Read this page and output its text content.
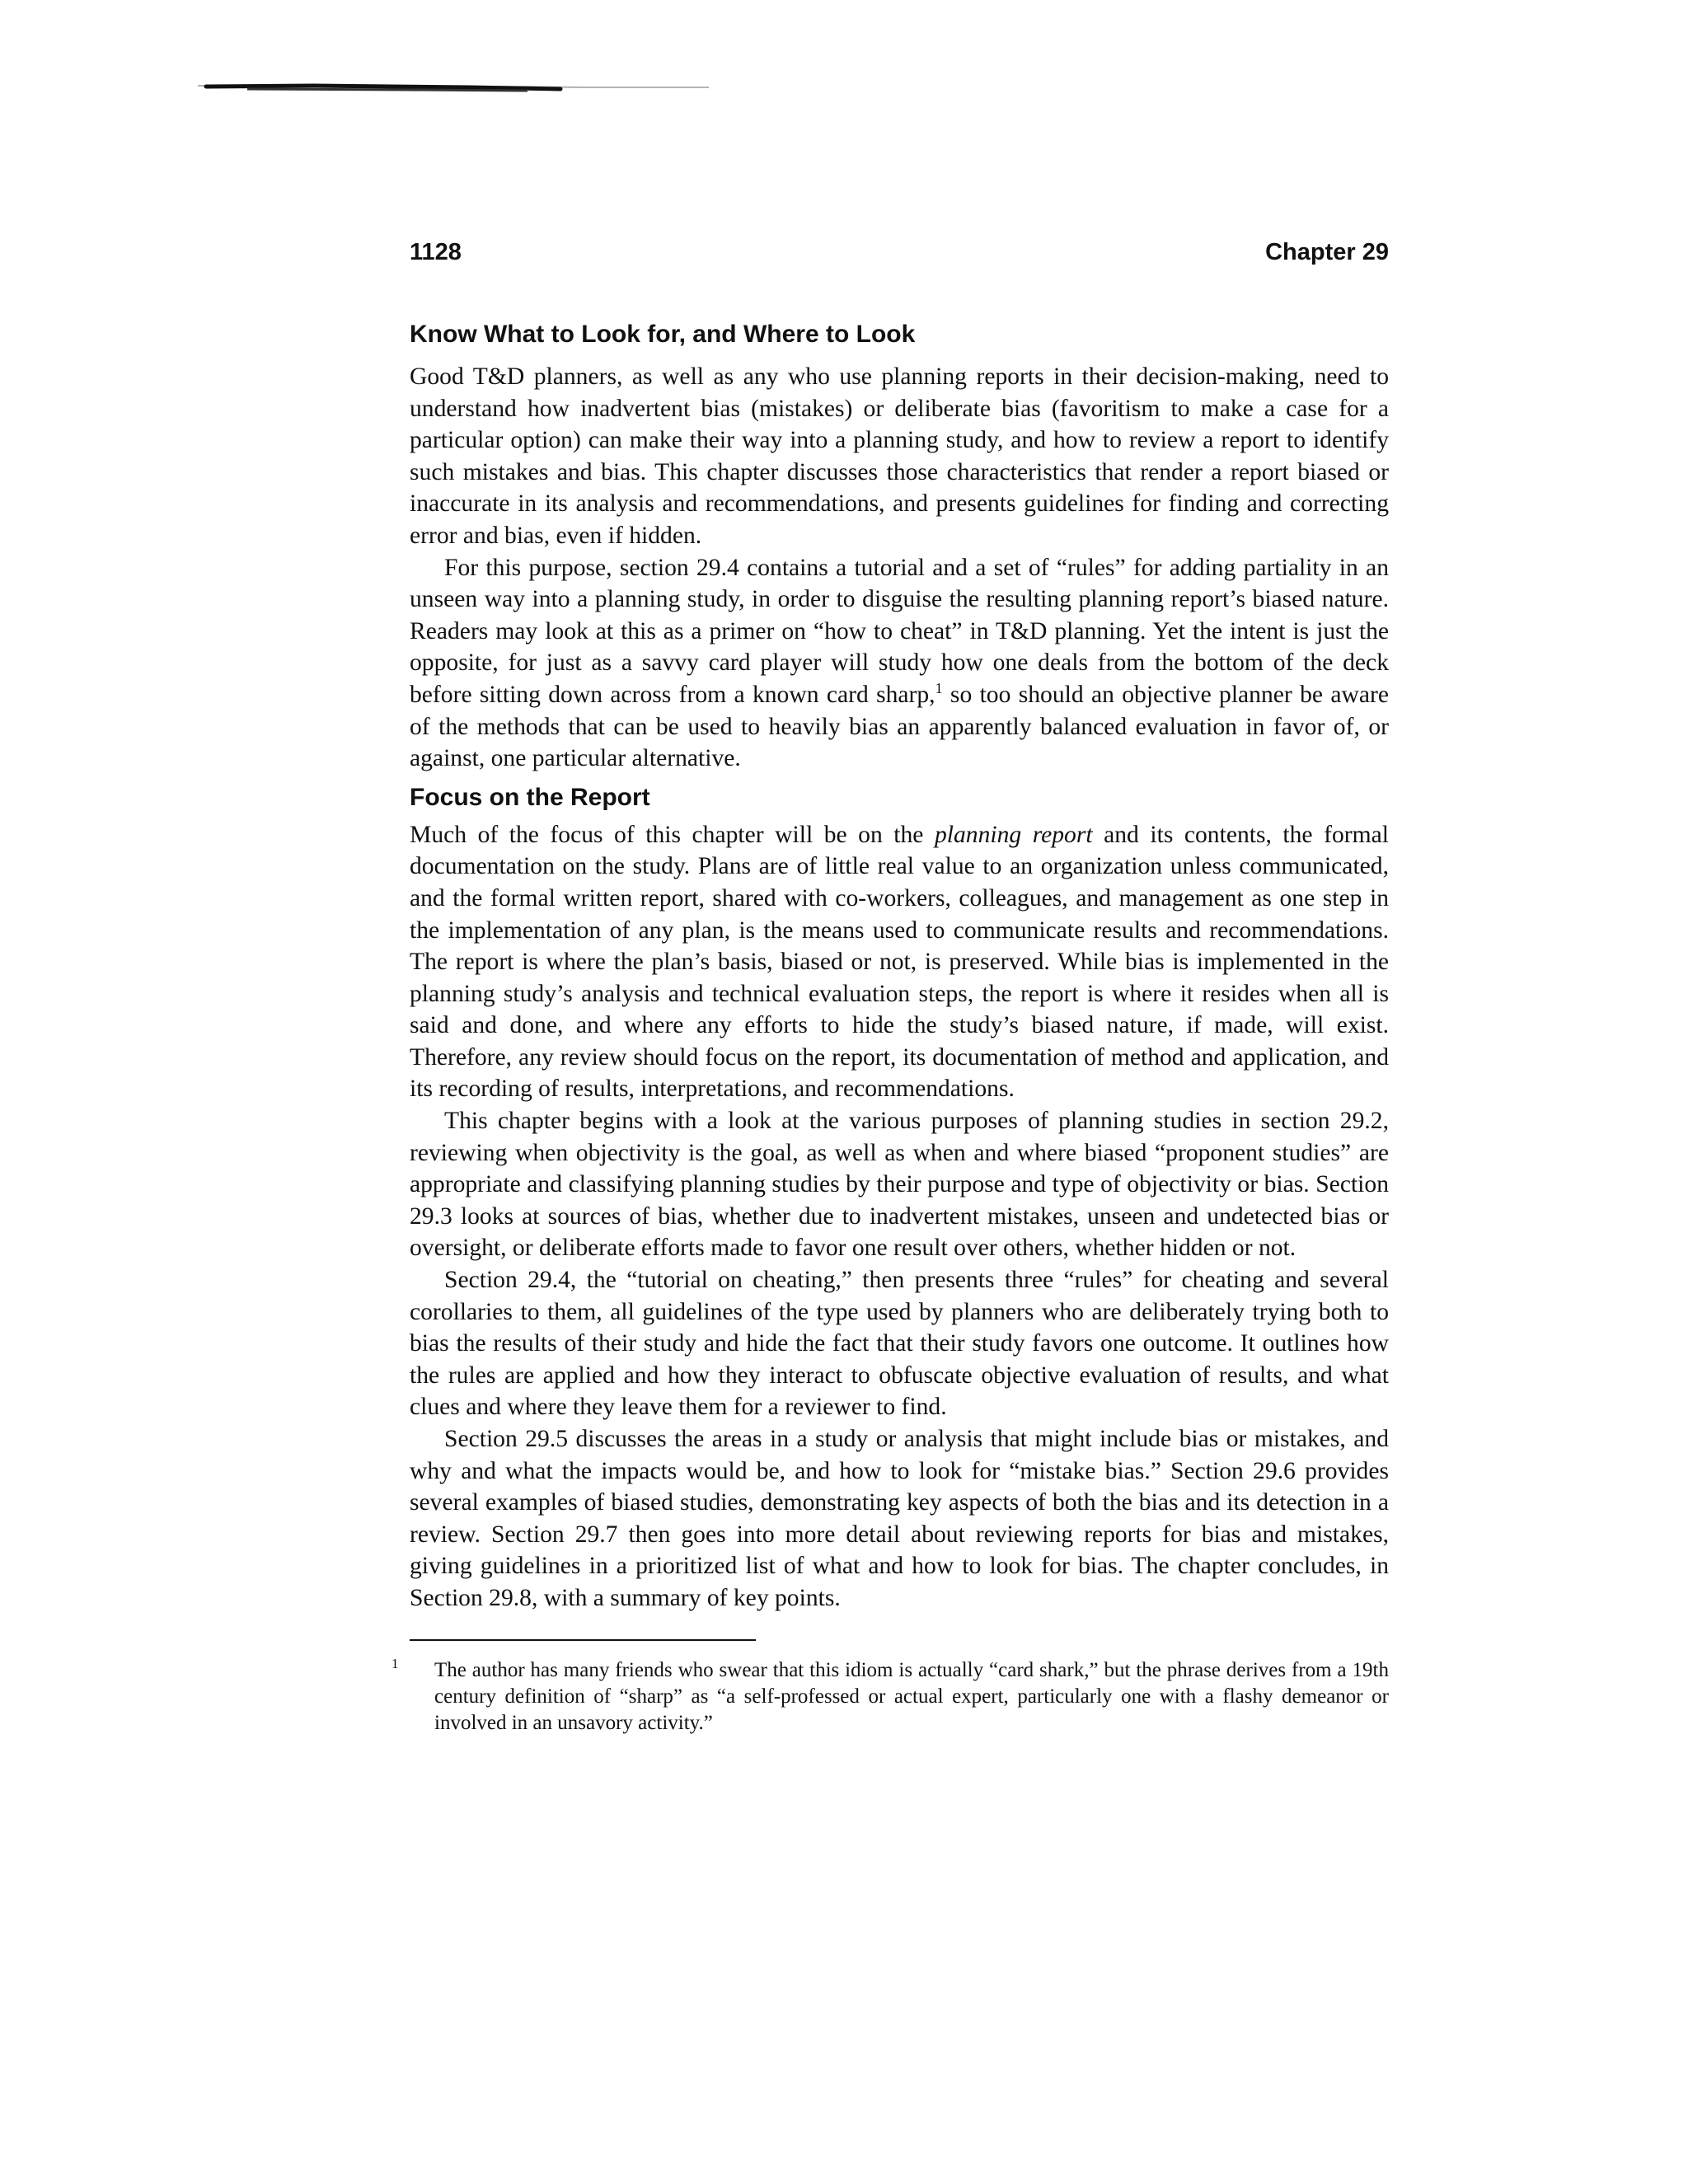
1128	Chapter 29
Know What to Look for, and Where to Look

Good T&D planners, as well as any who use planning reports in their decision-making, need to understand how inadvertent bias (mistakes) or deliberate bias (favoritism to make a case for a particular option) can make their way into a planning study, and how to review a report to identify such mistakes and bias. This chapter discusses those characteristics that render a report biased or inaccurate in its analysis and recommendations, and presents guidelines for finding and correcting error and bias, even if hidden.

For this purpose, section 29.4 contains a tutorial and a set of “rules” for adding partiality in an unseen way into a planning study, in order to disguise the resulting planning report’s biased nature. Readers may look at this as a primer on “how to cheat” in T&D planning. Yet the intent is just the opposite, for just as a savvy card player will study how one deals from the bottom of the deck before sitting down across from a known card sharp,$^1$ so too should an objective planner be aware of the methods that can be used to heavily bias an apparently balanced evaluation in favor of, or against, one particular alternative.

Focus on the Report

Much of the focus of this chapter will be on the planning report and its contents, the formal documentation on the study. Plans are of little real value to an organization unless communicated, and the formal written report, shared with co-workers, colleagues, and management as one step in the implementation of any plan, is the means used to communicate results and recommendations. The report is where the plan’s basis, biased or not, is preserved. While bias is implemented in the planning study’s analysis and technical evaluation steps, the report is where it resides when all is said and done, and where any efforts to hide the study’s biased nature, if made, will exist. Therefore, any review should focus on the report, its documentation of method and application, and its recording of results, interpretations, and recommendations.

This chapter begins with a look at the various purposes of planning studies in section 29.2, reviewing when objectivity is the goal, as well as when and where biased “proponent studies” are appropriate and classifying planning studies by their purpose and type of objectivity or bias. Section 29.3 looks at sources of bias, whether due to inadvertent mistakes, unseen and undetected bias or oversight, or deliberate efforts made to favor one result over others, whether hidden or not.

Section 29.4, the “tutorial on cheating,” then presents three “rules” for cheating and several corollaries to them, all guidelines of the type used by planners who are deliberately trying both to bias the results of their study and hide the fact that their study favors one outcome. It outlines how the rules are applied and how they interact to obfuscate objective evaluation of results, and what clues and where they leave them for a reviewer to find.

Section 29.5 discusses the areas in a study or analysis that might include bias or mistakes, and why and what the impacts would be, and how to look for “mistake bias.” Section 29.6 provides several examples of biased studies, demonstrating key aspects of both the bias and its detection in a review. Section 29.7 then goes into more detail about reviewing reports for bias and mistakes, giving guidelines in a prioritized list of what and how to look for bias. The chapter concludes, in Section 29.8, with a summary of key points.

1 The author has many friends who swear that this idiom is actually “card shark,” but the phrase derives from a 19th century definition of “sharp” as “a self-professed or actual expert, particularly one with a flashy demeanor or involved in an unsavory activity.”
